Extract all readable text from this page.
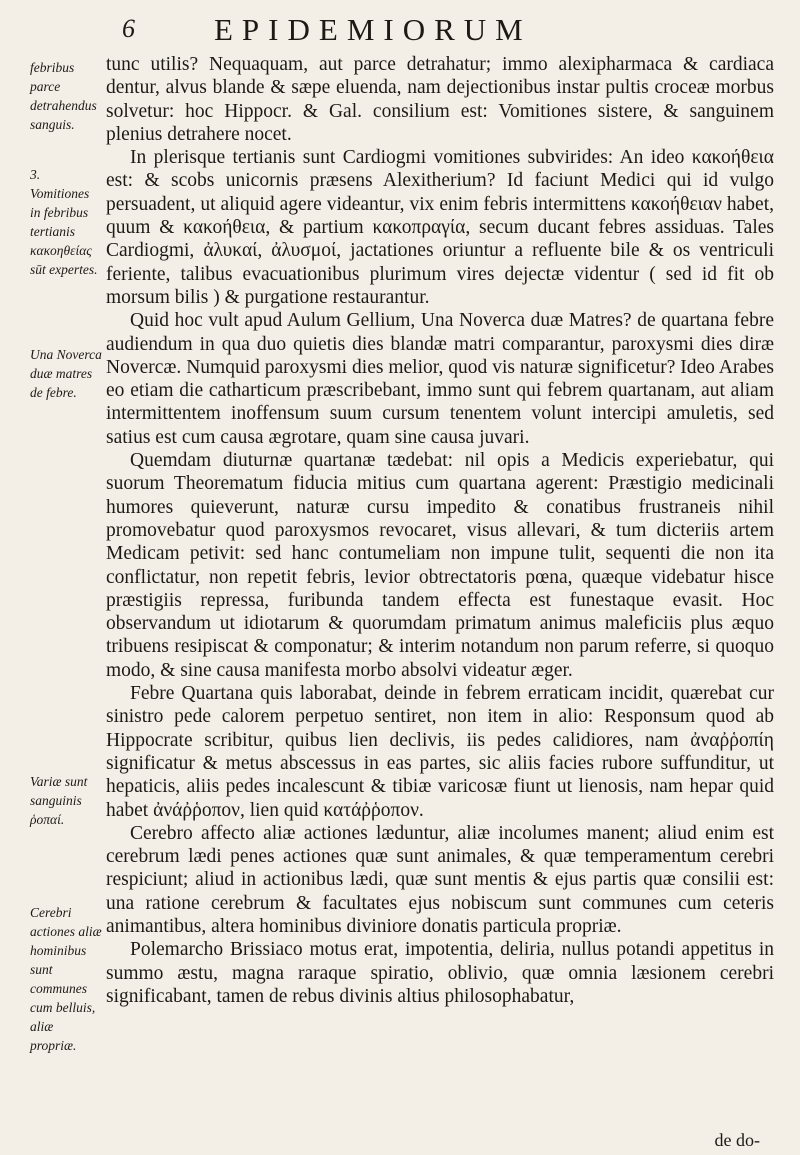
6	EPIDEMIORUM
febribus parce detrahendus sanguis.
3. Vomitiones in febribus tertianis κακοηθείας sūt expertes.
Una Noverca duæ matres de febre.
Variæ sunt sanguinis ῥοπαί.
Cerebri actiones aliæ hominibus sunt communes cum belluis, aliæ propriæ.

tunc utilis? Nequaquam, aut parce detrahatur; immo alexipharmaca & cardiaca dentur, alvus blande & sæpe eluenda, nam dejectionibus instar pultis croceæ morbus solvetur: hoc Hippocr. & Gal. consilium est: Vomitiones sistere, & sanguinem plenius detrahere nocet.

In plerisque tertianis sunt Cardiogmi vomitiones subvirides: An ideo κακοήθεια est: & scobs unicornis præsens Alexitherium? Id faciunt Medici qui id vulgo persuadent, ut aliquid agere videantur, vix enim febris intermittens κακοήθειαν habet, quum & κακοήθεια, & partium κακοπραγία, secum ducant febres assiduas. Tales Cardiogmi, ἀλυκαί, ἀλυσμοί, jactationes oriuntur a refluente bile & os ventriculi feriente, talibus evacuationibus plurimum vires dejectæ videntur ( sed id fit ob morsum bilis ) & purgatione restaurantur.

Quid hoc vult apud Aulum Gellium, Una Noverca duæ Matres? de quartana febre audiendum in qua duo quietis dies blandæ matri comparantur, paroxysmi dies diræ Novercæ. Numquid paroxysmi dies melior, quod vis naturæ significetur? Ideo Arabes eo etiam die catharticum præscribebant, immo sunt qui febrem quartanam, aut aliam intermittentem inoffensum suum cursum tenentem volunt intercipi amuletis, sed satius est cum causa ægrotare, quam sine causa juvari.

Quemdam diuturnæ quartanæ tædebat: nil opis a Medicis experiebatur, qui suorum Theorematum fiducia mitius cum quartana agerent: Præstigio medicinali humores quieverunt, naturæ cursu impedito & conatibus frustraneis nihil promovebatur quod paroxysmos revocaret, visus allevari, & tum dicteriis artem Medicam petivit: sed hanc contumeliam non impune tulit, sequenti die non ita conflictatur, non repetit febris, levior obtrectatoris pœna, quæque videbatur hisce præstigiis repressa, furibunda tandem effecta est funestaque evasit. Hoc observandum ut idiotarum & quorumdam primatum animus maleficiis plus æquo tribuens resipiscat & componatur; & interim notandum non parum referre, si quoquo modo, & sine causa manifesta morbo absolvi videatur æger.

Febre Quartana quis laborabat, deinde in febrem erraticam incidit, quærebat cur sinistro pede calorem perpetuo sentiret, non item in alio: Responsum quod ab Hippocrate scribitur, quibus lien declivis, iis pedes calidiores, nam ἀναῤῥοπίη significatur & metus abscessus in eas partes, sic aliis facies rubore suffunditur, ut hepaticis, aliis pedes incalescunt & tibiæ varicosæ fiunt ut lienosis, nam hepar quid habet ἀνάῤῥοπον, lien quid κατάῤῥοπον.

Cerebro affecto aliæ actiones læduntur, aliæ incolumes manent; aliud enim est cerebrum lædi penes actiones quæ sunt animales, & quæ temperamentum cerebri respiciunt; aliud in actionibus lædi, quæ sunt mentis & ejus partis quæ consilii est: una ratione cerebrum & facultates ejus nobiscum sunt communes cum ceteris animantibus, altera hominibus diviniore donatis particula propriæ.

Polemarcho Brissiaco motus erat, impotentia, deliria, nullus potandi appetitus in summo æstu, magna raraque spiratio, oblivio, quæ omnia læsionem cerebri significabant, tamen de rebus divinis altius philosophabatur,

de do-
